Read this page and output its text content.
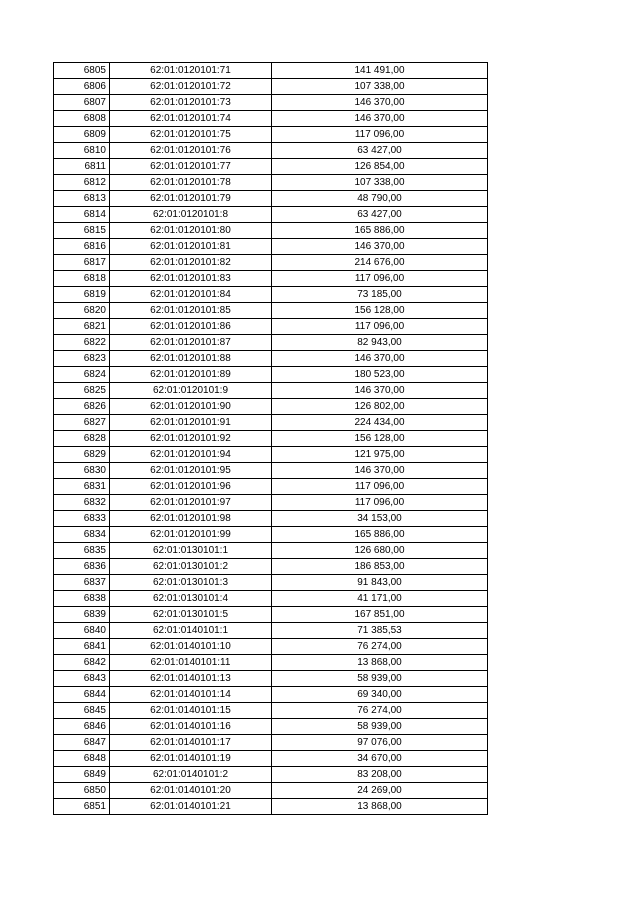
6805	62:01:0120101:71	141 491,00
6806	62:01:0120101:72	107 338,00
6807	62:01:0120101:73	146 370,00
6808	62:01:0120101:74	146 370,00
6809	62:01:0120101:75	117 096,00
6810	62:01:0120101:76	63 427,00
6811	62:01:0120101:77	126 854,00
6812	62:01:0120101:78	107 338,00
6813	62:01:0120101:79	48 790,00
6814	62:01:0120101:8	63 427,00
6815	62:01:0120101:80	165 886,00
6816	62:01:0120101:81	146 370,00
6817	62:01:0120101:82	214 676,00
6818	62:01:0120101:83	117 096,00
6819	62:01:0120101:84	73 185,00
6820	62:01:0120101:85	156 128,00
6821	62:01:0120101:86	117 096,00
6822	62:01:0120101:87	82 943,00
6823	62:01:0120101:88	146 370,00
6824	62:01:0120101:89	180 523,00
6825	62:01:0120101:9	146 370,00
6826	62:01:0120101:90	126 802,00
6827	62:01:0120101:91	224 434,00
6828	62:01:0120101:92	156 128,00
6829	62:01:0120101:94	121 975,00
6830	62:01:0120101:95	146 370,00
6831	62:01:0120101:96	117 096,00
6832	62:01:0120101:97	117 096,00
6833	62:01:0120101:98	34 153,00
6834	62:01:0120101:99	165 886,00
6835	62:01:0130101:1	126 680,00
6836	62:01:0130101:2	186 853,00
6837	62:01:0130101:3	91 843,00
6838	62:01:0130101:4	41 171,00
6839	62:01:0130101:5	167 851,00
6840	62:01:0140101:1	71 385,53
6841	62:01:0140101:10	76 274,00
6842	62:01:0140101:11	13 868,00
6843	62:01:0140101:13	58 939,00
6844	62:01:0140101:14	69 340,00
6845	62:01:0140101:15	76 274,00
6846	62:01:0140101:16	58 939,00
6847	62:01:0140101:17	97 076,00
6848	62:01:0140101:19	34 670,00
6849	62:01:0140101:2	83 208,00
6850	62:01:0140101:20	24 269,00
6851	62:01:0140101:21	13 868,00
